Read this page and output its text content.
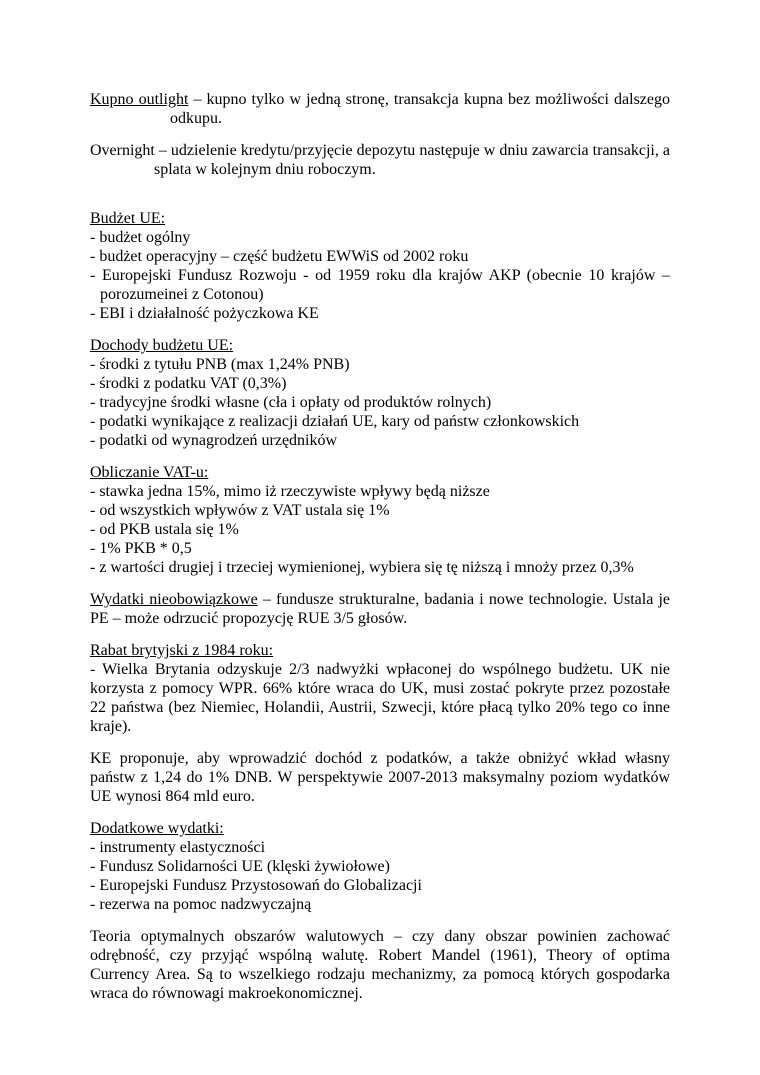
Kupno outlight – kupno tylko w jedną stronę, transakcja kupna bez możliwości dalszego odkupu.

Overnight – udzielenie kredytu/przyjęcie depozytu następuje w dniu zawarcia transakcji, a splata w kolejnym dniu roboczym.

Budżet UE:

- budżet ogólny

- budżet operacyjny – część budżetu EWWiS od 2002 roku

- Europejski Fundusz Rozwoju - od 1959 roku dla krajów AKP (obecnie 10 krajów – porozumeinei z Cotonou)

- EBI i działalność pożyczkowa KE

Dochody budżetu UE:

- środki z tytułu PNB (max 1,24% PNB)

- środki z podatku VAT (0,3%)

- tradycyjne środki własne (cła i opłaty od produktów rolnych)

- podatki wynikające z realizacji działań UE, kary od państw członkowskich

- podatki od wynagrodzeń urzędników

Obliczanie VAT-u:

- stawka jedna 15%, mimo iż rzeczywiste wpływy będą niższe

- od wszystkich wpływów z VAT ustala się 1%

- od PKB ustala się 1%

- 1% PKB * 0,5

- z wartości drugiej i trzeciej wymienionej, wybiera się tę niższą i mnoży przez 0,3%

Wydatki nieobowiązkowe – fundusze strukturalne, badania i nowe technologie. Ustala je PE – może odrzucić propozycję RUE 3/5 głosów.

Rabat brytyjski z 1984 roku:

- Wielka Brytania odzyskuje 2/3 nadwyżki wpłaconej do wspólnego budżetu. UK nie korzysta z pomocy WPR. 66% które wraca do UK, musi zostać pokryte przez pozostałe 22 państwa (bez Niemiec, Holandii, Austrii, Szwecji, które płacą tylko 20% tego co inne kraje).

KE proponuje, aby wprowadzić dochód z podatków, a także obniżyć wkład własny państw z 1,24 do 1% DNB. W perspektywie 2007-2013 maksymalny poziom wydatków UE wynosi 864 mld euro.

Dodatkowe wydatki:

- instrumenty elastyczności

- Fundusz Solidarności UE (klęski żywiołowe)

- Europejski Fundusz Przystosowań do Globalizacji

- rezerwa na pomoc nadzwyczajną

Teoria optymalnych obszarów walutowych – czy dany obszar powinien zachować odrębność, czy przyjąć wspólną walutę. Robert Mandel (1961), Theory of optima Currency Area. Są to wszelkiego rodzaju mechanizmy, za pomocą których gospodarka wraca do równowagi makroekonomicznej.
